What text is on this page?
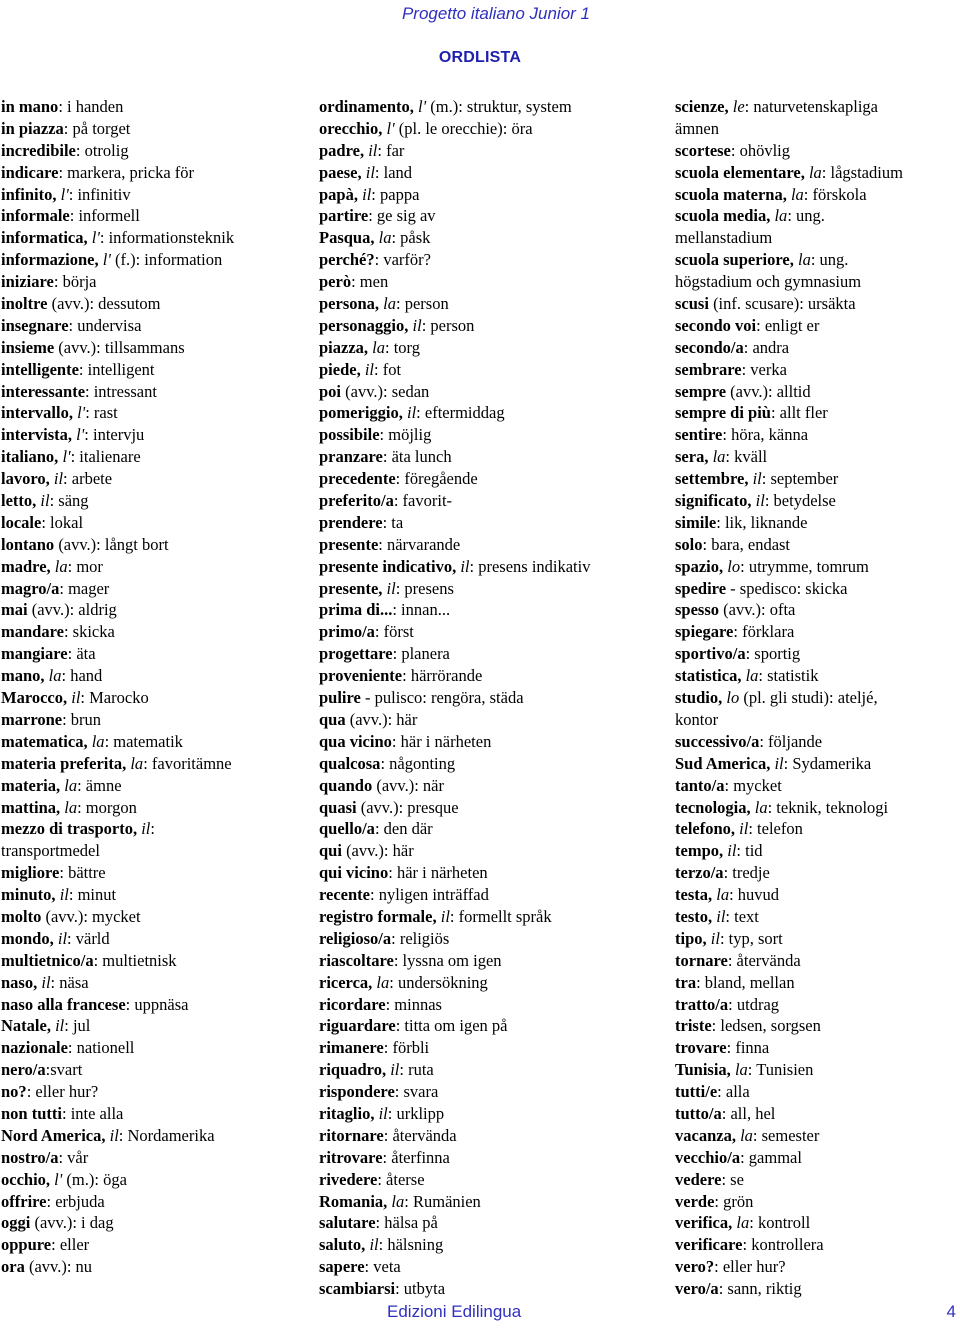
Progetto italiano Junior 1
ORDLISTA
in mano: i handen
in piazza: på torget
incredibile: otrolig
indicare: markera, pricka för
infinito, l': infinitiv
informale: informell
informatica, l': informationsteknik
informazione, l' (f.): information
iniziare: börja
inoltre (avv.): dessutom
insegnare: undervisa
insieme (avv.): tillsammans
intelligente: intelligent
interessante: intressant
intervallo, l': rast
intervista, l': intervju
italiano, l': italienare
lavoro, il: arbete
letto, il: säng
locale: lokal
lontano (avv.): långt bort
madre, la: mor
magro/a: mager
mai (avv.): aldrig
mandare: skicka
mangiare: äta
mano, la: hand
Marocco, il: Marocko
marrone: brun
matematica, la: matematik
materia preferita, la: favoritämne
materia, la: ämne
mattina, la: morgon
mezzo di trasporto, il:
transportmedel
migliore: bättre
minuto, il: minut
molto (avv.): mycket
mondo, il: värld
multietnico/a: multietnisk
naso, il: näsa
naso alla francese: uppnäsa
Natale, il: jul
nazionale: nationell
nero/a:svart
no?: eller hur?
non tutti: inte alla
Nord America, il: Nordamerika
nostro/a: vår
occhio, l' (m.): öga
offrire: erbjuda
oggi (avv.): i dag
oppure: eller
ora (avv.): nu
ordinamento, l' (m.): struktur, system
orecchio, l' (pl. le orecchie): öra
padre, il: far
paese, il: land
papà, il: pappa
partire: ge sig av
Pasqua, la: påsk
perché?: varför?
però: men
persona, la: person
personaggio, il: person
piazza, la: torg
piede, il: fot
poi (avv.): sedan
pomeriggio, il: eftermiddag
possibile: möjlig
pranzare: äta lunch
precedente: föregående
preferito/a: favorit-
prendere: ta
presente: närvarande
presente indicativo, il: presens indikativ
presente, il: presens
prima di...: innan...
primo/a: först
progettare: planera
proveniente: härrörande
pulire - pulisco: rengöra, städa
qua (avv.): här
qua vicino: här i närheten
qualcosa: någonting
quando (avv.): när
quasi (avv.): presque
quello/a: den där
qui (avv.): här
qui vicino: här i närheten
recente: nyligen inträffad
registro formale, il: formellt språk
religioso/a: religiös
riascoltare: lyssna om igen
ricerca, la: undersökning
ricordare: minnas
riguardare: titta om igen på
rimanere: förbli
riquadro, il: ruta
rispondere: svara
ritaglio, il: urklipp
ritornare: återvända
ritrovare: återfinna
rivedere: återse
Romania, la: Rumänien
salutare: hälsa på
saluto, il: hälsning
sapere: veta
scambiarsi: utbyta
scienze, le: naturvetenskapliga
ämnen
scortese: ohövlig
scuola elementare, la: lågstadium
scuola materna, la: förskola
scuola media, la: ung.
mellanstadium
scuola superiore, la: ung.
högstadium och gymnasium
scusi (inf. scusare): ursäkta
secondo voi: enligt er
secondo/a: andra
sembrare: verka
sempre (avv.): alltid
sempre di più: allt fler
sentire: höra, känna
sera, la: kväll
settembre, il: september
significato, il: betydelse
simile: lik, liknande
solo: bara, endast
spazio, lo: utrymme, tomrum
spedire - spedisco: skicka
spesso (avv.): ofta
spiegare: förklara
sportivo/a: sportig
statistica, la: statistik
studio, lo (pl. gli studi): ateljé,
kontor
successivo/a: följande
Sud America, il: Sydamerika
tanto/a: mycket
tecnologia, la: teknik, teknologi
telefono, il: telefon
tempo, il: tid
terzo/a: tredje
testa, la: huvud
testo, il: text
tipo, il: typ, sort
tornare: återvända
tra: bland, mellan
tratto/a: utdrag
triste: ledsen, sorgsen
trovare: finna
Tunisia, la: Tunisien
tutti/e: alla
tutto/a: all, hel
vacanza, la: semester
vecchio/a: gammal
vedere: se
verde: grön
verifica, la: kontroll
verificare: kontrollera
vero?: eller hur?
vero/a: sann, riktig
Edizioni Edilingua	4
